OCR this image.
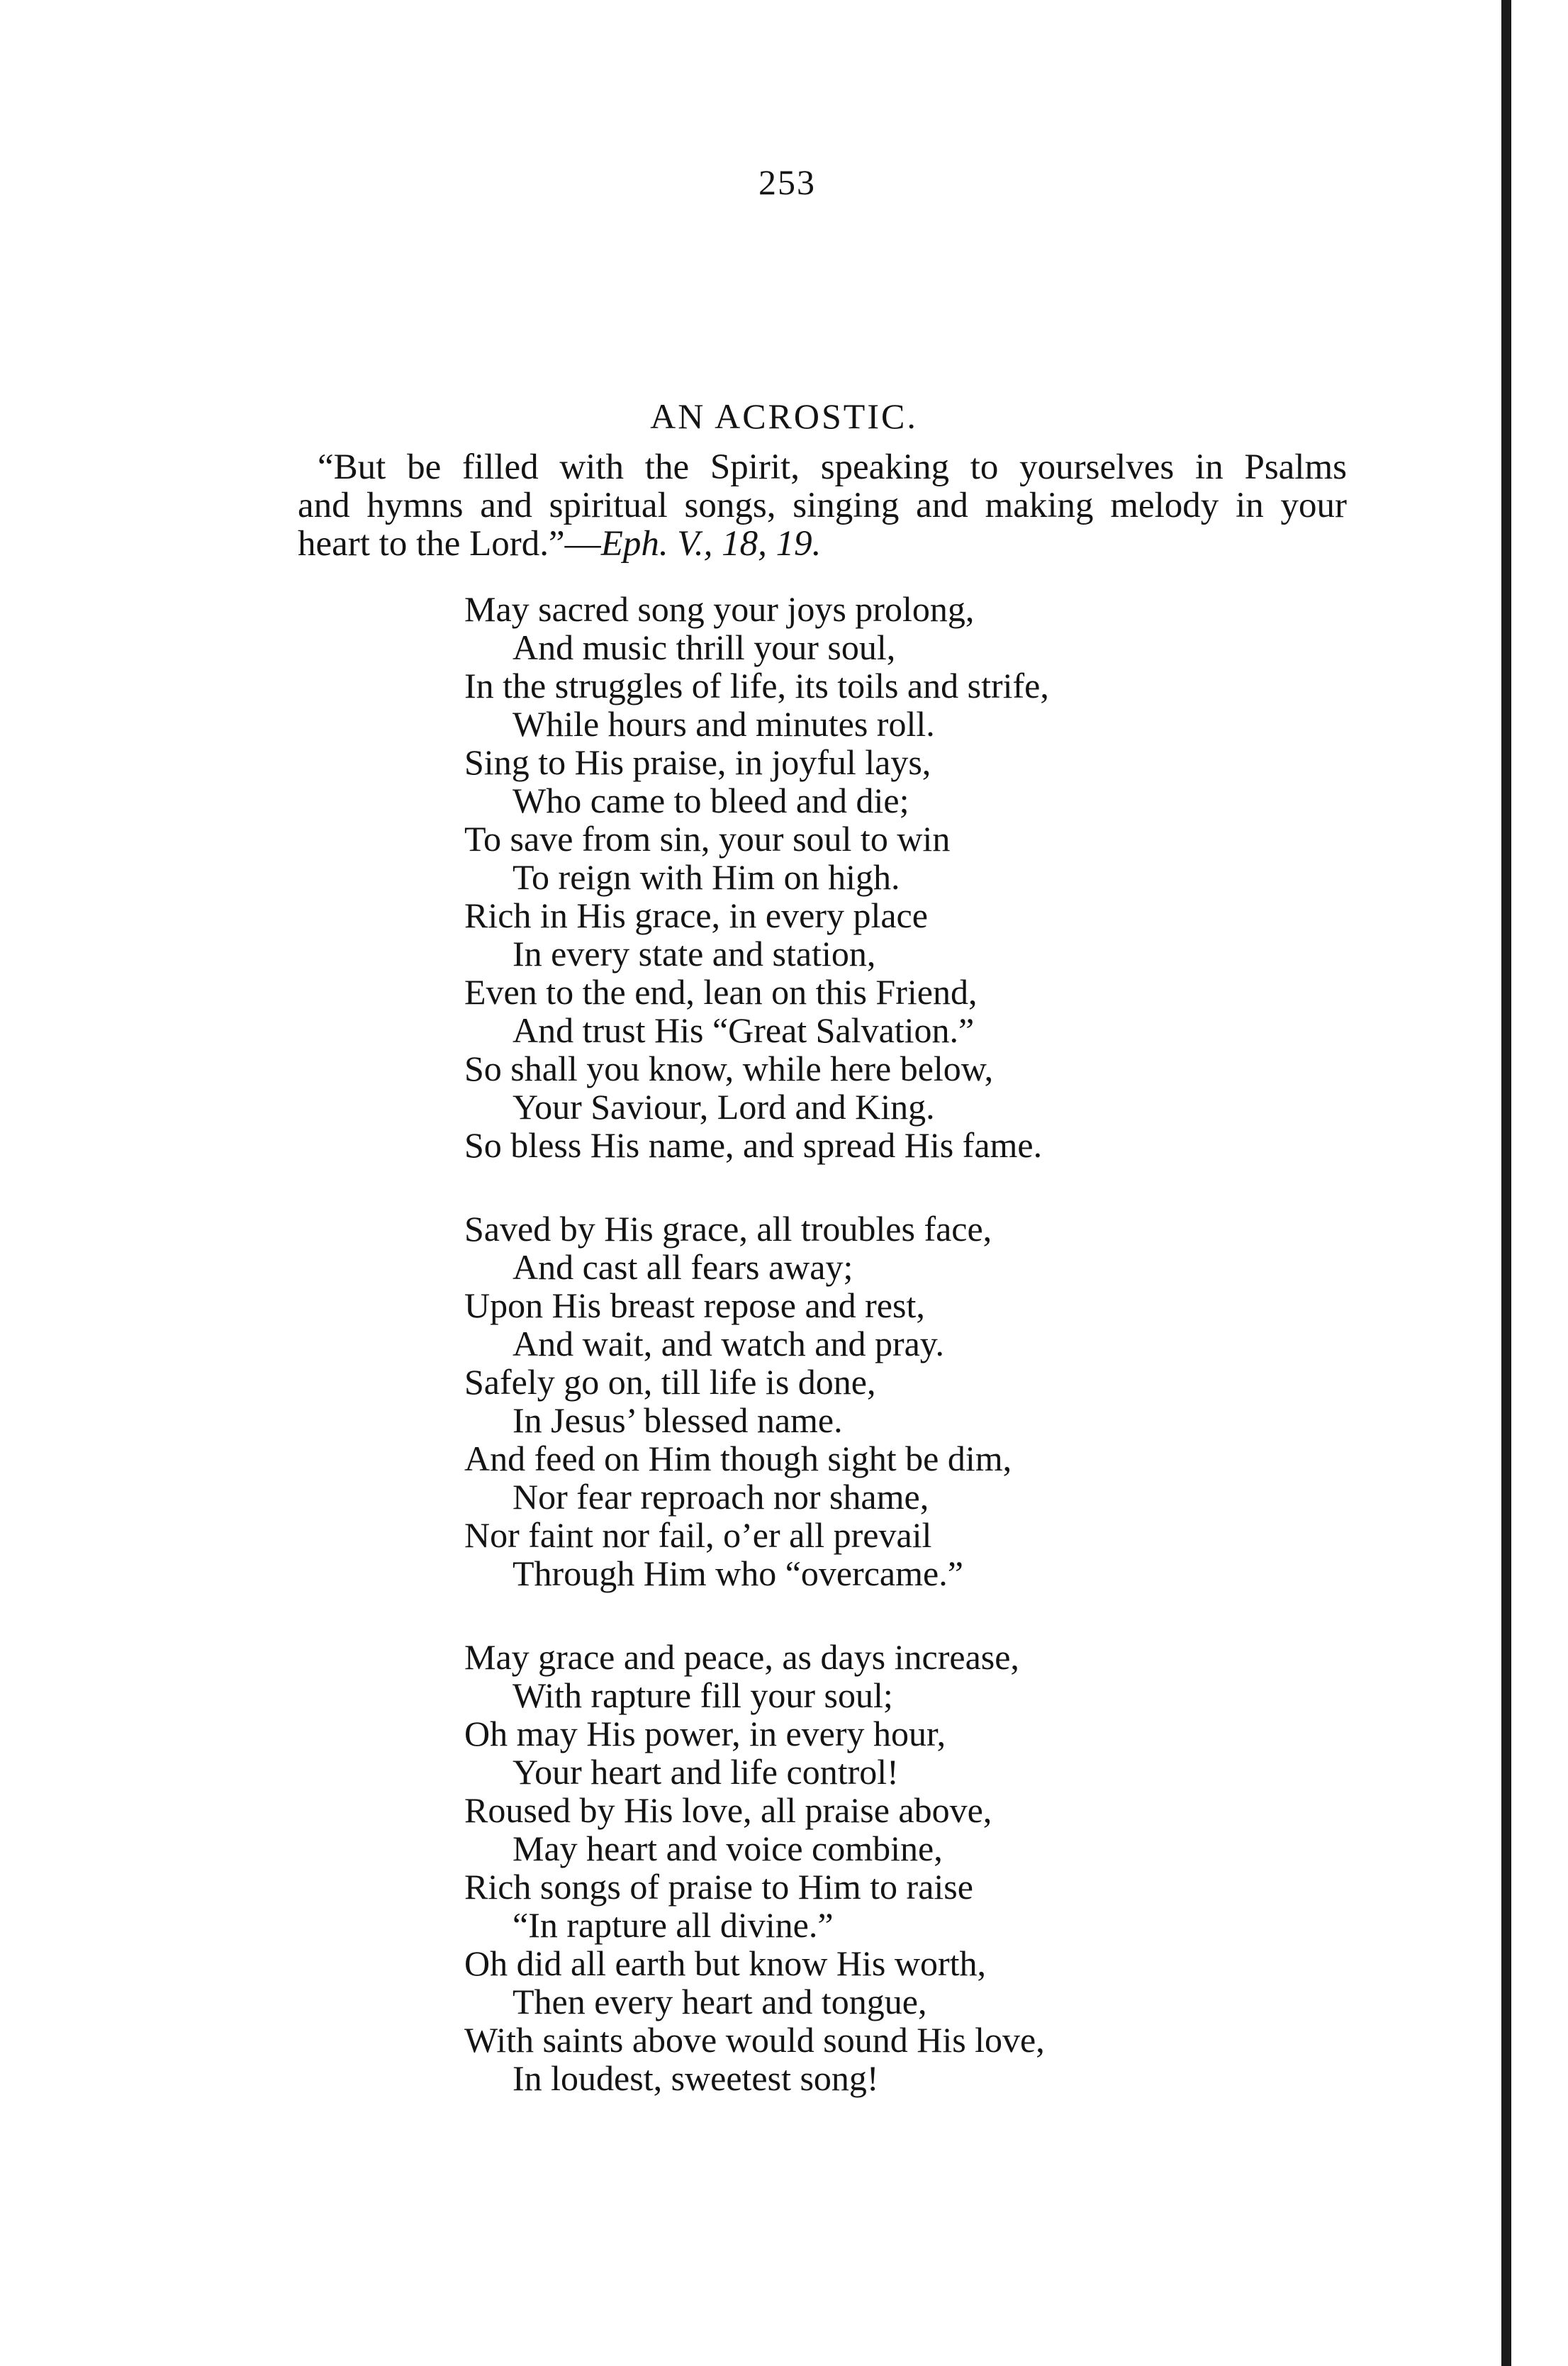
253
AN ACROSTIC.
“But be filled with the Spirit, speaking to yourselves in Psalms
and hymns and spiritual songs, singing and making melody in your
heart to the Lord.”—Eph. V., 18, 19.
May sacred song your joys prolong,
And music thrill your soul,
In the struggles of life, its toils and strife,
While hours and minutes roll.
Sing to His praise, in joyful lays,
Who came to bleed and die;
To save from sin, your soul to win
To reign with Him on high.
Rich in His grace, in every place
In every state and station,
Even to the end, lean on this Friend,
And trust His “Great Salvation.”
So shall you know, while here below,
Your Saviour, Lord and King.
So bless His name, and spread His fame.
Saved by His grace, all troubles face,
And cast all fears away;
Upon His breast repose and rest,
And wait, and watch and pray.
Safely go on, till life is done,
In Jesus’ blessed name.
And feed on Him though sight be dim,
Nor fear reproach nor shame,
Nor faint nor fail, o’er all prevail
Through Him who “overcame.”
May grace and peace, as days increase,
With rapture fill your soul;
Oh may His power, in every hour,
Your heart and life control!
Roused by His love, all praise above,
May heart and voice combine,
Rich songs of praise to Him to raise
“In rapture all divine.”
Oh did all earth but know His worth,
Then every heart and tongue,
With saints above would sound His love,
In loudest, sweetest song!
